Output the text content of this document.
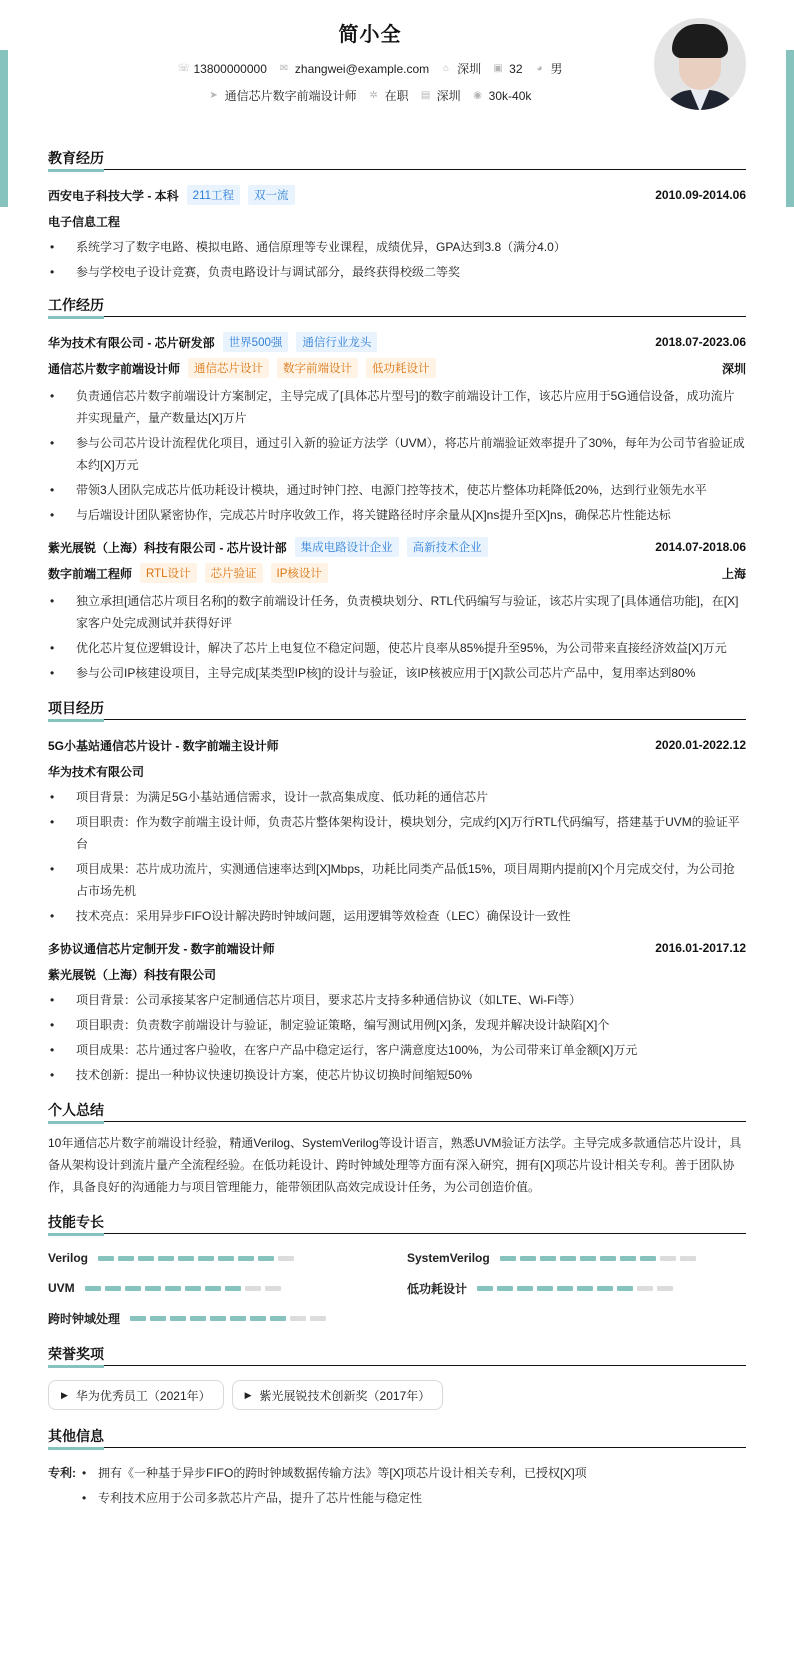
简小全
☏ 13800000000 ✉ zhangwei@example.com ⌂ 深圳 ▣ 32 ◕ 男
➤ 通信芯片数字前端设计师 ✲ 在职 ▤ 深圳 ◉ 30k-40k
教育经历
西安电子科技大学 - 本科	211工程	双一流	2010.09-2014.06
电子信息工程
• 系统学习了数字电路、模拟电路、通信原理等专业课程，成绩优异，GPA达到3.8（满分4.0）
• 参与学校电子设计竞赛，负责电路设计与调试部分，最终获得校级二等奖
工作经历
华为技术有限公司 - 芯片研发部	世界500强	通信行业龙头	2018.07-2023.06
通信芯片数字前端设计师	通信芯片设计	数字前端设计	低功耗设计	深圳
• 负责通信芯片数字前端设计方案制定，主导完成了[具体芯片型号]的数字前端设计工作，该芯片应用于5G通信设备，成功流片并实现量产，量产数量达[X]万片
• 参与公司芯片设计流程优化项目，通过引入新的验证方法学（UVM），将芯片前端验证效率提升了30%，每年为公司节省验证成本约[X]万元
• 带领3人团队完成芯片低功耗设计模块，通过时钟门控、电源门控等技术，使芯片整体功耗降低20%，达到行业领先水平
• 与后端设计团队紧密协作，完成芯片时序收敛工作，将关键路径时序余量从[X]ns提升至[X]ns，确保芯片性能达标
紫光展锐（上海）科技有限公司 - 芯片设计部	集成电路设计企业	高新技术企业	2014.07-2018.06
数字前端工程师	RTL设计	芯片验证	IP核设计	上海
• 独立承担[通信芯片项目名称]的数字前端设计任务，负责模块划分、RTL代码编写与验证，该芯片实现了[具体通信功能]，在[X]家客户处完成测试并获得好评
• 优化芯片复位逻辑设计，解决了芯片上电复位不稳定问题，使芯片良率从85%提升至95%，为公司带来直接经济效益[X]万元
• 参与公司IP核建设项目，主导完成[某类型IP核]的设计与验证，该IP核被应用于[X]款公司芯片产品中，复用率达到80%
项目经历
5G小基站通信芯片设计 - 数字前端主设计师	2020.01-2022.12
华为技术有限公司
• 项目背景：为满足5G小基站通信需求，设计一款高集成度、低功耗的通信芯片
• 项目职责：作为数字前端主设计师，负责芯片整体架构设计，模块划分，完成约[X]万行RTL代码编写，搭建基于UVM的验证平台
• 项目成果：芯片成功流片，实测通信速率达到[X]Mbps，功耗比同类产品低15%，项目周期内提前[X]个月完成交付，为公司抢占市场先机
• 技术亮点：采用异步FIFO设计解决跨时钟域问题，运用逻辑等效检查（LEC）确保设计一致性
多协议通信芯片定制开发 - 数字前端设计师	2016.01-2017.12
紫光展锐（上海）科技有限公司
• 项目背景：公司承接某客户定制通信芯片项目，要求芯片支持多种通信协议（如LTE、Wi-Fi等）
• 项目职责：负责数字前端设计与验证，制定验证策略，编写测试用例[X]条，发现并解决设计缺陷[X]个
• 项目成果：芯片通过客户验收，在客户产品中稳定运行，客户满意度达100%，为公司带来订单金额[X]万元
• 技术创新：提出一种协议快速切换设计方案，使芯片协议切换时间缩短50%
个人总结

10年通信芯片数字前端设计经验，精通Verilog、SystemVerilog等设计语言，熟悉UVM验证方法学。主导完成多款通信芯片设计，具备从架构设计到流片量产全流程经验。在低功耗设计、跨时钟域处理等方面有深入研究，拥有[X]项芯片设计相关专利。善于团队协作，具备良好的沟通能力与项目管理能力，能带领团队高效完成设计任务，为公司创造价值。

技能专长
Verilog	SystemVerilog
UVM	低功耗设计
跨时钟域处理
荣誉奖项
▶ 华为优秀员工（2021年）	▶ 紫光展锐技术创新奖（2017年）
其他信息
专利:	• 拥有《一种基于异步FIFO的跨时钟域数据传输方法》等[X]项芯片设计相关专利，已授权[X]项
• 专利技术应用于公司多款芯片产品，提升了芯片性能与稳定性
